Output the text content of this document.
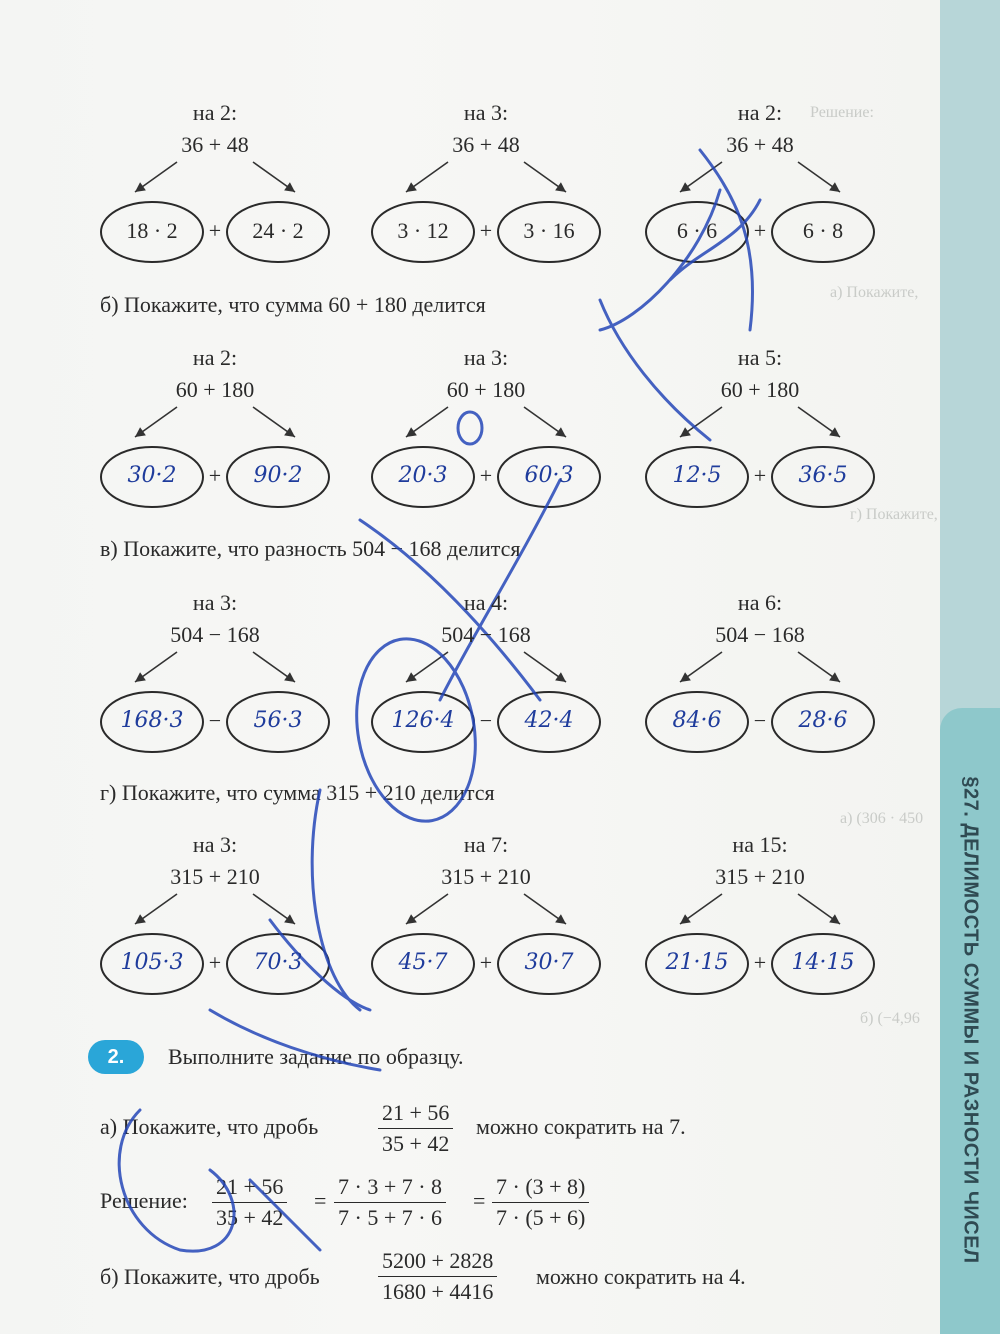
Решение:
а) Покажите,
г) Покажите,
а) (306 · 450
б) (−4,96 §27. ДЕЛИМОСТЬ СУММЫ И РАЗНОСТИ ЧИСЕЛ
б) Покажите, что сумма 60 + 180 делится
в) Покажите, что разность 504 − 168 делится
г) Покажите, что сумма 315 + 210 делится
2.	Выполните задание по образцу.
а) Покажите, что дробь	$\frac{21 + 56}{35 + 42}$ можно сократить на 7.
Решение: $\frac{21 + 56}{35 + 42} = \frac{7 \cdot 3 + 7 \cdot 8}{7 \cdot 5 + 7 \cdot 6} = \frac{7 \cdot (3 + 8)}{7 \cdot (5 + 6)}$
б) Покажите, что дробь	$\frac{5200 + 2828}{1680 + 4416}$ можно сократить на 4.
на 2:
36 + 48
18 · 2 + 24 · 2
на 3:
36 + 48
3 · 12 + 3 · 16
на 2:
36 + 48
6 · 6 + 6 · 8
на 2:
60 + 180
30·2 + 90·2
на 3:
60 + 180
20·3 + 60·3
на 5:
60 + 180
12·5 + 36·5
на 3:
504 − 168
168·3 − 56·3
на 4:
504 − 168
126·4 − 42·4
на 6:
504 − 168
84·6 − 28·6
на 3:
315 + 210
105·3 + 70·3
на 7:
315 + 210
45·7 + 30·7
на 15:
315 + 210
21·15 + 14·15
